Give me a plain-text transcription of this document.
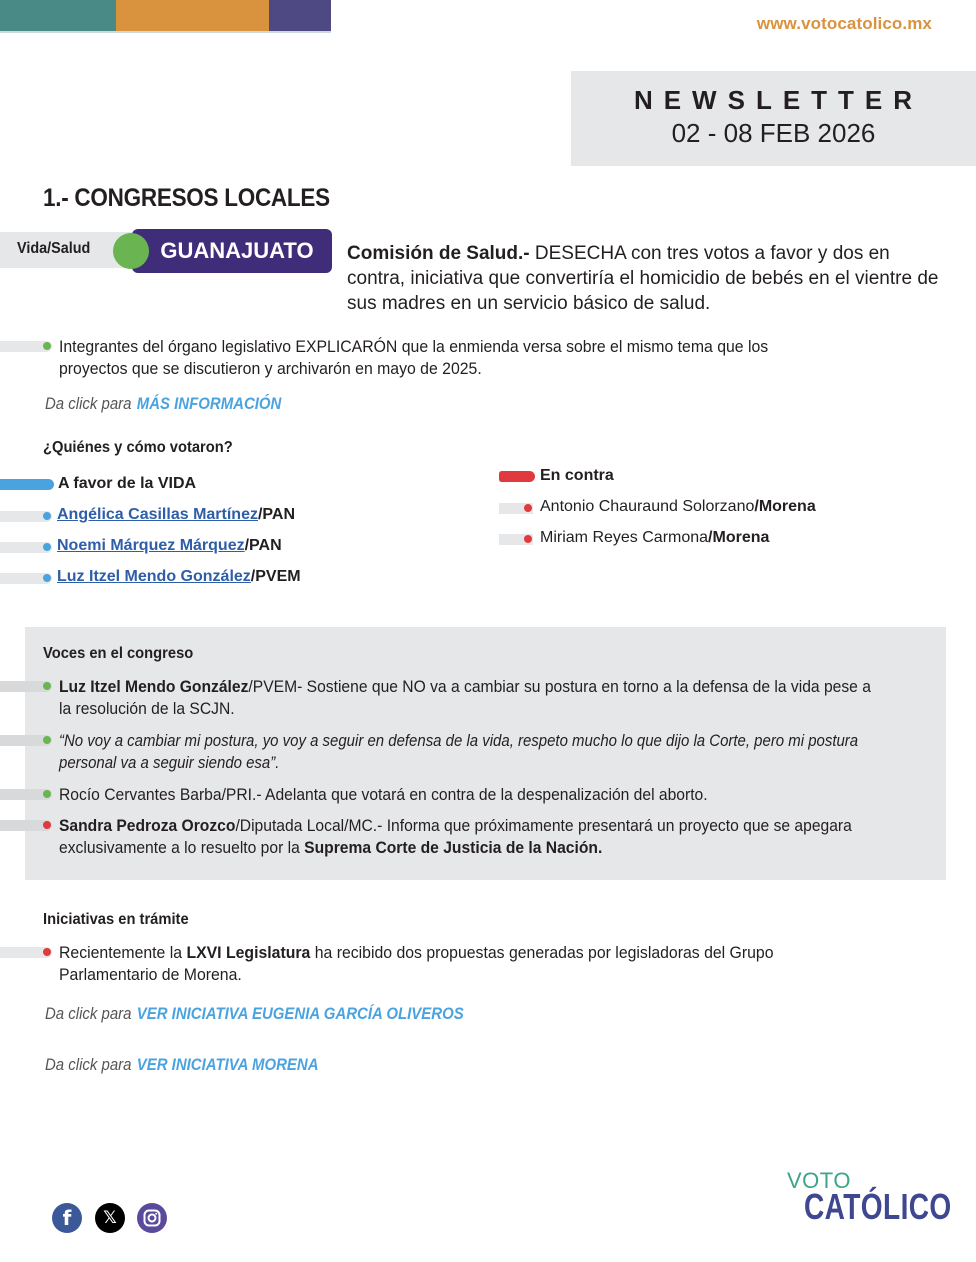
www.votocatolico.mx
NEWSLETTER
02 - 08 FEB 2026
1.- CONGRESOS LOCALES
Vida/Salud	GUANAJUATO	Comisión de Salud.- DESECHA con tres votos a favor y dos en contra, iniciativa que convertiría el homicidio de bebés en el vientre de sus madres en un servicio básico de salud.
Integrantes del órgano legislativo EXPLICARÓN que la enmienda versa sobre el mismo tema que los proyectos que se discutieron y archivarón en mayo de 2025.
Da click para MÁS INFORMACIÓN
¿Quiénes y cómo votaron?
A favor de la VIDA
Angélica Casillas Martínez/PAN
Noemi Márquez Márquez/PAN
Luz Itzel Mendo González/PVEM
En contra
Antonio Chauraund Solorzano/Morena
Miriam Reyes Carmona/Morena
Voces en el congreso
Luz Itzel Mendo González/PVEM- Sostiene que NO va a cambiar su postura en torno a la defensa de la vida pese a la resolución de la SCJN.
“No voy a cambiar mi postura, yo voy a seguir en defensa de la vida, respeto mucho lo que dijo la Corte, pero mi postura personal va a seguir siendo esa”.
Rocío Cervantes Barba/PRI.- Adelanta que votará en contra de la despenalización del aborto.
Sandra Pedroza Orozco/Diputada Local/MC.- Informa que próximamente presentará un proyecto que se apegara exclusivamente a lo resuelto por la Suprema Corte de Justicia de la Nación.
Iniciativas en trámite
Recientemente la LXVI Legislatura ha recibido dos propuestas generadas por legisladoras del Grupo Parlamentario de Morena.
Da click para VER INICIATIVA EUGENIA GARCÍA OLIVEROS
Da click para VER INICIATIVA MORENA
f 𝕏
VOTO
CATÓLICO
